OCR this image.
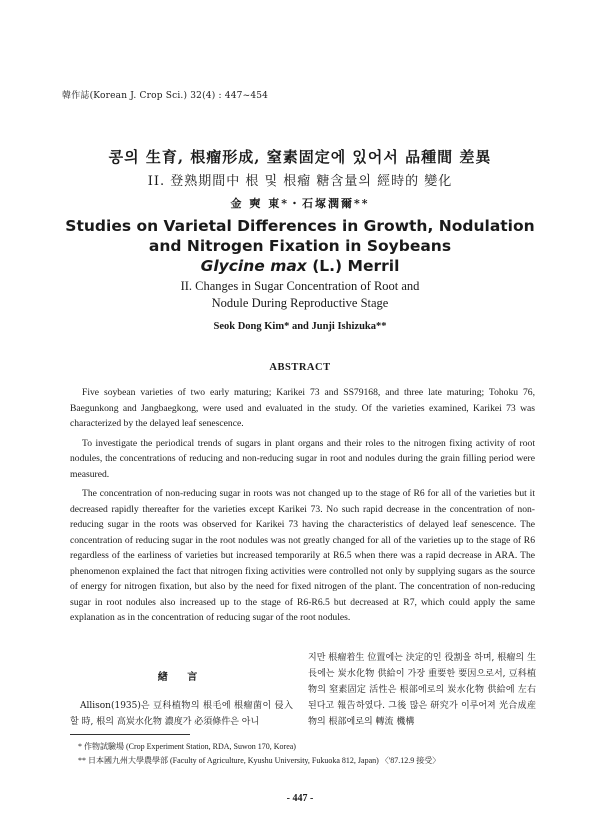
韓作誌(Korean J. Crop Sci.) 32(4) : 447~454
콩의 生育, 根瘤形成, 窒素固定에 있어서 品種間 差異
II. 登熟期間中 根 및 根瘤 糖含量의 經時的 變化
金 奭 東*・石塚潤爾**
Studies on Varietal Differences in Growth, Nodulation
and Nitrogen Fixation in Soybeans
Glycine max (L.) Merril
II. Changes in Sugar Concentration of Root and
Nodule During Reproductive Stage
Seok Dong Kim* and Junji Ishizuka**
ABSTRACT

Five soybean varieties of two early maturing; Karikei 73 and SS79168, and three late maturing; Tohoku 76, Baegunkong and Jangbaegkong, were used and evaluated in the study. Of the varieties examined, Karikei 73 was characterized by the delayed leaf senescence.

To investigate the periodical trends of sugars in plant organs and their roles to the nitrogen fixing activity of root nodules, the concentrations of reducing and non-reducing sugar in root and nodules during the grain filling period were measured.

The concentration of non-reducing sugar in roots was not changed up to the stage of R6 for all of the varieties but it decreased rapidly thereafter for the varieties except Karikei 73. No such rapid decrease in the concentration of non-reducing sugar in the roots was observed for Karikei 73 having the characteristics of delayed leaf senescence. The concentration of reducing sugar in the root nodules was not greatly changed for all of the varieties up to the stage of R6 regardless of the earliness of varieties but increased temporarily at R6.5 when there was a rapid decrease in ARA. The phenomenon explained the fact that nitrogen fixing activities were controlled not only by supplying sugars as the source of energy for nitrogen fixation, but also by the need for fixed nitrogen of the plant. The concentration of non-reducing sugar in root nodules also increased up to the stage of R6-R6.5 but decreased at R7, which could apply the same explanation as in the concentration of reducing sugar of the root nodules.

緖 言

Allison(1935)은 豆科植物의 根毛에 根瘤菌이 侵入할 時, 根의 高炭水化物 濃度가 必須條件은 아니

지만 根瘤着生 位置에는 決定的인 役割을 하며, 根瘤의 生長에는 炭水化物 供給이 가장 重要한 要因으로서, 豆科植物의 窒素固定 活性은 根部에로의 炭水化物 供給에 左右된다고 報告하였다. 그後 많은 研究가 이루어져 光合成産物의 根部에로의 轉流 機構

* 作物試驗場 (Crop Experiment Station, RDA, Suwon 170, Korea)
** 日本國九州大學農學部 (Faculty of Agriculture, Kyushu University, Fukuoka 812, Japan) 〈'87.12.9 接受〉
- 447 -
